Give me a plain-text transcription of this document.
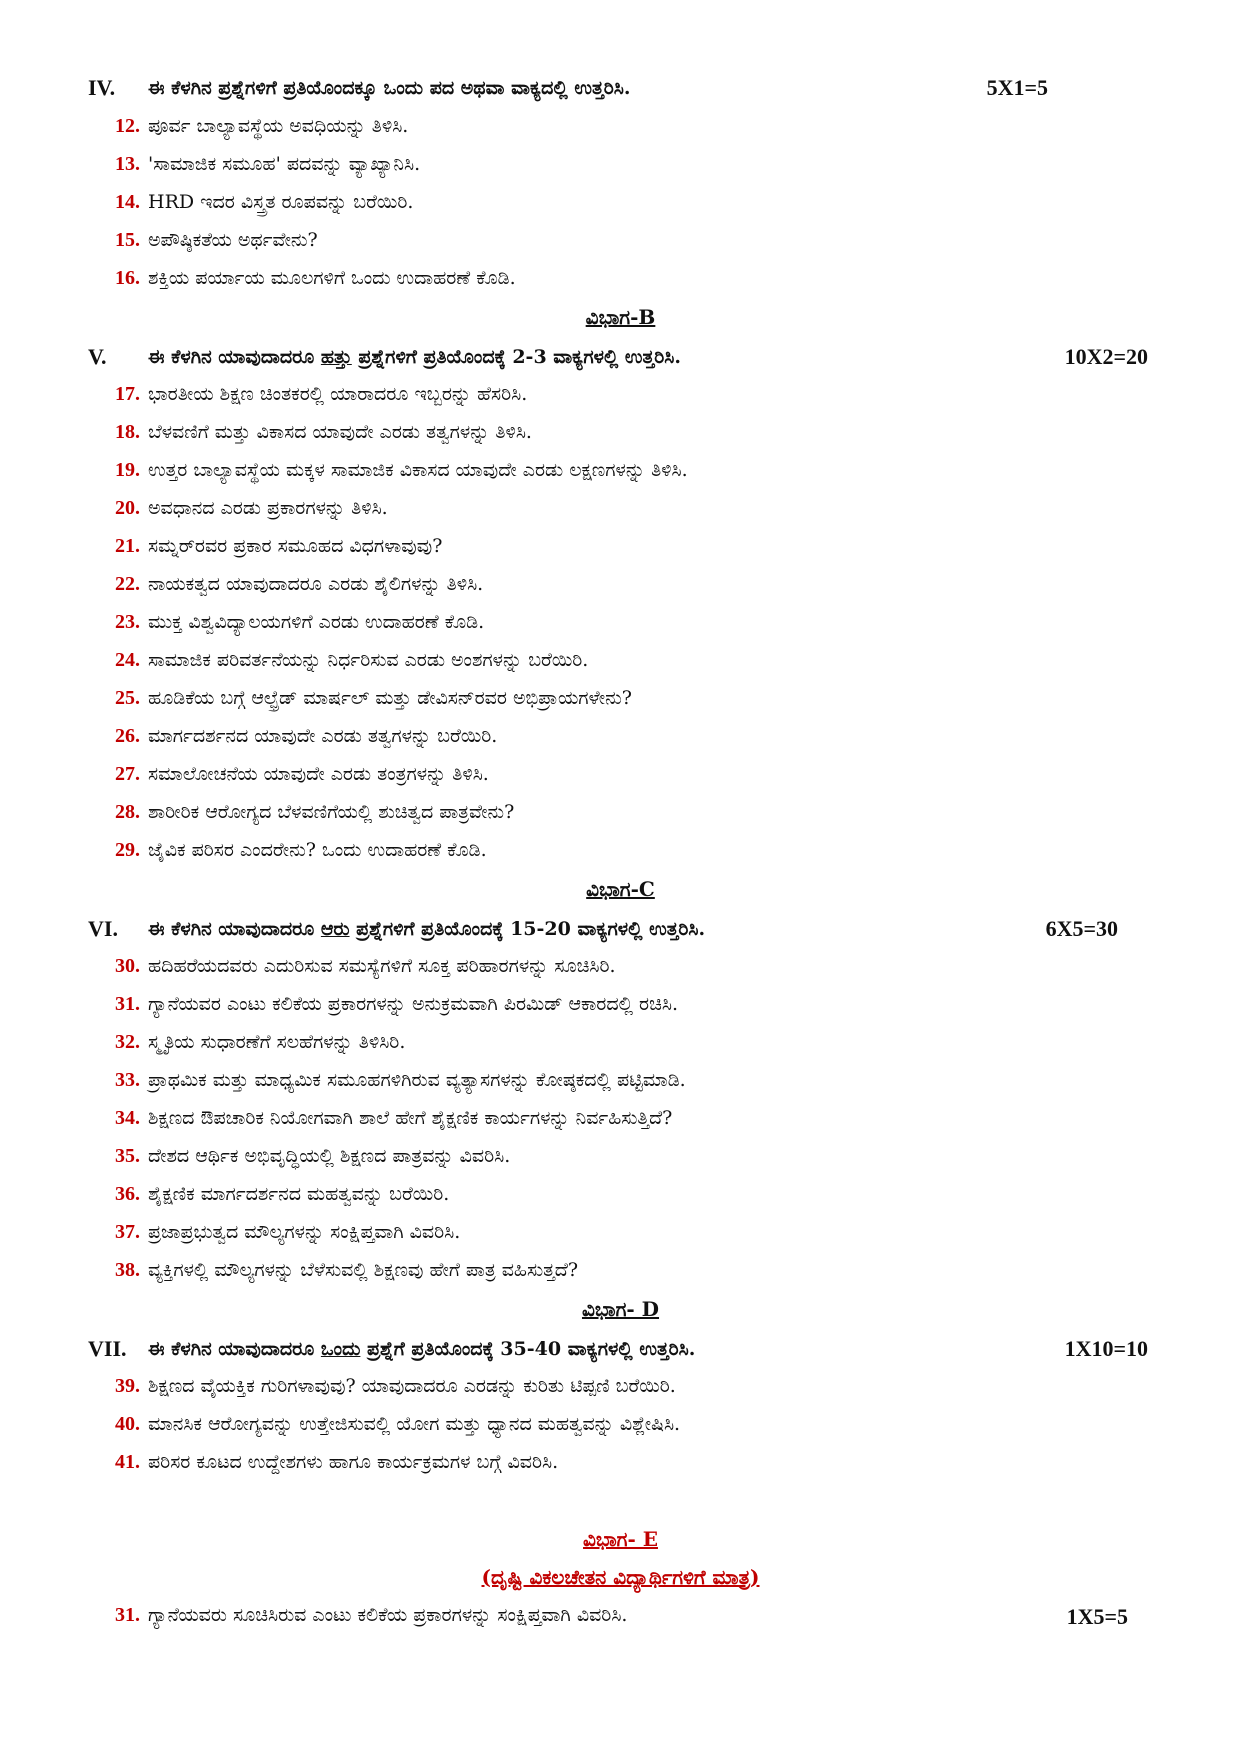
IV. ಈ ಕೆಳಗಿನ ಪ್ರಶ್ನೆಗಳಿಗೆ ಪ್ರತಿಯೊಂದಕ್ಕೂ ಒಂದು ಪದ ಅಥವಾ ವಾಕ್ಯದಲ್ಲಿ ಉತ್ತರಿಸಿ.	5X1=5
12. ಪೂರ್ವ ಬಾಲ್ಯಾವಸ್ಥೆಯ ಅವಧಿಯನ್ನು ತಿಳಿಸಿ.
13. 'ಸಾಮಾಜಿಕ ಸಮೂಹ' ಪದವನ್ನು ವ್ಯಾಖ್ಯಾನಿಸಿ.
14. HRD ಇದರ ವಿಸ್ತ್ರತ ರೂಪವನ್ನು ಬರೆಯಿರಿ.
15. ಅಪೌಷ್ಠಿಕತೆಯ ಅರ್ಥವೇನು?
16. ಶಕ್ತಿಯ ಪರ್ಯಾಯ ಮೂಲಗಳಿಗೆ ಒಂದು ಉದಾಹರಣೆ ಕೊಡಿ.
ವಿಭಾಗ-B
V. ಈ ಕೆಳಗಿನ ಯಾವುದಾದರೂ ಹತ್ತು ಪ್ರಶ್ನೆಗಳಿಗೆ ಪ್ರತಿಯೊಂದಕ್ಕೆ 2-3 ವಾಕ್ಯಗಳಲ್ಲಿ ಉತ್ತರಿಸಿ.	10X2=20
17. ಭಾರತೀಯ ಶಿಕ್ಷಣ ಚಿಂತಕರಲ್ಲಿ ಯಾರಾದರೂ ಇಬ್ಬರನ್ನು ಹೆಸರಿಸಿ.
18. ಬೆಳವಣಿಗೆ ಮತ್ತು ವಿಕಾಸದ ಯಾವುದೇ ಎರಡು ತತ್ವಗಳನ್ನು ತಿಳಿಸಿ.
19. ಉತ್ತರ ಬಾಲ್ಯಾವಸ್ಥೆಯ ಮಕ್ಕಳ ಸಾಮಾಜಿಕ ವಿಕಾಸದ ಯಾವುದೇ ಎರಡು ಲಕ್ಷಣಗಳನ್ನು ತಿಳಿಸಿ.
20. ಅವಧಾನದ ಎರಡು ಪ್ರಕಾರಗಳನ್ನು ತಿಳಿಸಿ.
21. ಸಮ್ನರ್‌ರವರ ಪ್ರಕಾರ ಸಮೂಹದ ವಿಧಗಳಾವುವು?
22. ನಾಯಕತ್ವದ ಯಾವುದಾದರೂ ಎರಡು ಶೈಲಿಗಳನ್ನು ತಿಳಿಸಿ.
23. ಮುಕ್ತ ವಿಶ್ವವಿದ್ಯಾಲಯಗಳಿಗೆ ಎರಡು ಉದಾಹರಣೆ ಕೊಡಿ.
24. ಸಾಮಾಜಿಕ ಪರಿವರ್ತನೆಯನ್ನು ನಿರ್ಧರಿಸುವ ಎರಡು ಅಂಶಗಳನ್ನು ಬರೆಯಿರಿ.
25. ಹೂಡಿಕೆಯ ಬಗ್ಗೆ ಆಲ್ಫ್ರೆಡ್ ಮಾರ್ಷಲ್ ಮತ್ತು ಡೇವಿಸನ್‌ರವರ ಅಭಿಪ್ರಾಯಗಳೇನು?
26. ಮಾರ್ಗದರ್ಶನದ ಯಾವುದೇ ಎರಡು ತತ್ವಗಳನ್ನು ಬರೆಯಿರಿ.
27. ಸಮಾಲೋಚನೆಯ ಯಾವುದೇ ಎರಡು ತಂತ್ರಗಳನ್ನು ತಿಳಿಸಿ.
28. ಶಾರೀರಿಕ ಆರೋಗ್ಯದ ಬೆಳವಣಿಗೆಯಲ್ಲಿ ಶುಚಿತ್ವದ ಪಾತ್ರವೇನು?
29. ಜೈವಿಕ ಪರಿಸರ ಎಂದರೇನು? ಒಂದು ಉದಾಹರಣೆ ಕೊಡಿ.
ವಿಭಾಗ-C
VI. ಈ ಕೆಳಗಿನ ಯಾವುದಾದರೂ ಆರು ಪ್ರಶ್ನೆಗಳಿಗೆ ಪ್ರತಿಯೊಂದಕ್ಕೆ 15-20 ವಾಕ್ಯಗಳಲ್ಲಿ ಉತ್ತರಿಸಿ.	6X5=30
30. ಹದಿಹರೆಯದವರು ಎದುರಿಸುವ ಸಮಸ್ಯೆಗಳಿಗೆ ಸೂಕ್ತ ಪರಿಹಾರಗಳನ್ನು ಸೂಚಿಸಿರಿ.
31. ಗ್ಯಾನೆಯವರ ಎಂಟು ಕಲಿಕೆಯ ಪ್ರಕಾರಗಳನ್ನು ಅನುಕ್ರಮವಾಗಿ ಪಿರಮಿಡ್ ಆಕಾರದಲ್ಲಿ ರಚಿಸಿ.
32. ಸ್ಮೃತಿಯ ಸುಧಾರಣೆಗೆ ಸಲಹೆಗಳನ್ನು ತಿಳಿಸಿರಿ.
33. ಪ್ರಾಥಮಿಕ ಮತ್ತು ಮಾಧ್ಯಮಿಕ ಸಮೂಹಗಳಿಗಿರುವ ವ್ಯತ್ಯಾಸಗಳನ್ನು ಕೋಷ್ಠಕದಲ್ಲಿ ಪಟ್ಟಿಮಾಡಿ.
34. ಶಿಕ್ಷಣದ ಔಪಚಾರಿಕ ನಿಯೋಗವಾಗಿ ಶಾಲೆ ಹೇಗೆ ಶೈಕ್ಷಣಿಕ ಕಾರ್ಯಗಳನ್ನು ನಿರ್ವಹಿಸುತ್ತಿದೆ?
35. ದೇಶದ ಆರ್ಥಿಕ ಅಭಿವೃದ್ಧಿಯಲ್ಲಿ ಶಿಕ್ಷಣದ ಪಾತ್ರವನ್ನು ವಿವರಿಸಿ.
36. ಶೈಕ್ಷಣಿಕ ಮಾರ್ಗದರ್ಶನದ ಮಹತ್ವವನ್ನು ಬರೆಯಿರಿ.
37. ಪ್ರಜಾಪ್ರಭುತ್ವದ ಮೌಲ್ಯಗಳನ್ನು ಸಂಕ್ಷಿಪ್ತವಾಗಿ ವಿವರಿಸಿ.
38. ವ್ಯಕ್ತಿಗಳಲ್ಲಿ ಮೌಲ್ಯಗಳನ್ನು ಬೆಳೆಸುವಲ್ಲಿ ಶಿಕ್ಷಣವು ಹೇಗೆ ಪಾತ್ರ ವಹಿಸುತ್ತದೆ?
ವಿಭಾಗ- D
VII. ಈ ಕೆಳಗಿನ ಯಾವುದಾದರೂ ಒಂದು ಪ್ರಶ್ನೆಗೆ ಪ್ರತಿಯೊಂದಕ್ಕೆ 35-40 ವಾಕ್ಯಗಳಲ್ಲಿ ಉತ್ತರಿಸಿ.	1X10=10
39. ಶಿಕ್ಷಣದ ವೈಯಕ್ತಿಕ ಗುರಿಗಳಾವುವು? ಯಾವುದಾದರೂ ಎರಡನ್ನು ಕುರಿತು ಟಿಪ್ಪಣಿ ಬರೆಯಿರಿ.
40. ಮಾನಸಿಕ ಆರೋಗ್ಯವನ್ನು ಉತ್ತೇಜಿಸುವಲ್ಲಿ ಯೋಗ ಮತ್ತು ಧ್ಯಾನದ ಮಹತ್ವವನ್ನು ವಿಶ್ಲೇಷಿಸಿ.
41. ಪರಿಸರ ಕೂಟದ ಉದ್ದೇಶಗಳು ಹಾಗೂ ಕಾರ್ಯಕ್ರಮಗಳ ಬಗ್ಗೆ ವಿವರಿಸಿ.
ವಿಭಾಗ- E
(ದೃಷ್ಟಿ ವಿಕಲಚೇತನ ವಿದ್ಯಾರ್ಥಿಗಳಿಗೆ ಮಾತ್ರ)
31. ಗ್ಯಾನೆಯವರು ಸೂಚಿಸಿರುವ ಎಂಟು ಕಲಿಕೆಯ ಪ್ರಕಾರಗಳನ್ನು ಸಂಕ್ಷಿಪ್ತವಾಗಿ ವಿವರಿಸಿ.	1X5=5
